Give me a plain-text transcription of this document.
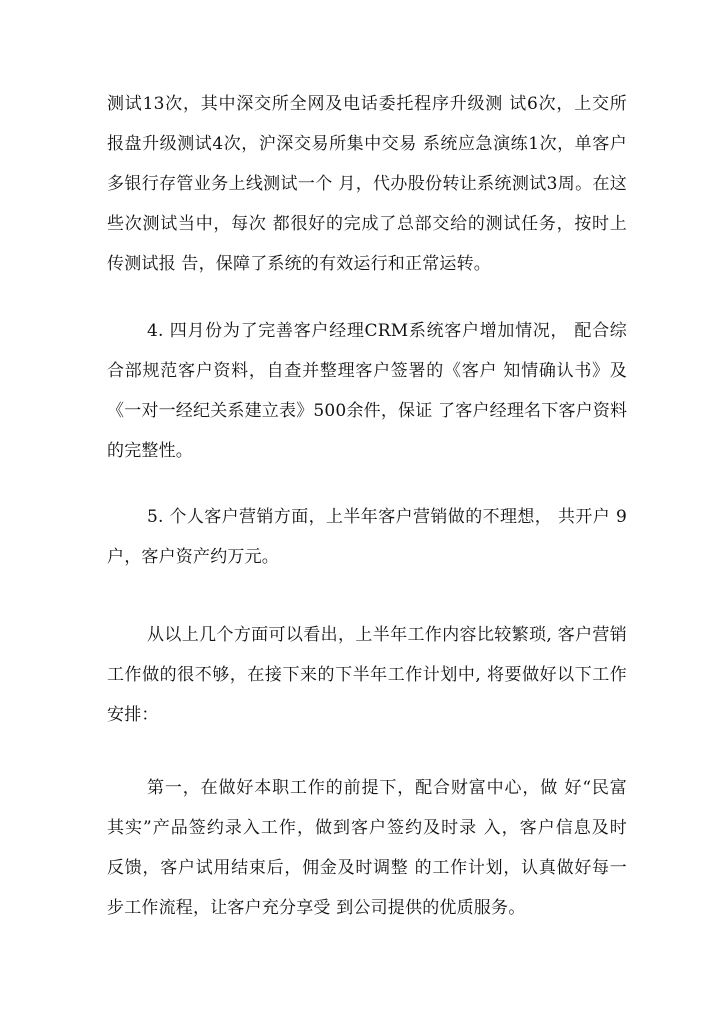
测试13次，其中深交所全网及电话委托程序升级测 试6次，上交所
报盘升级测试4次，沪深交易所集中交易 系统应急演练1次，单客户
多银行存管业务上线测试一个 月，代办股份转让系统测试3周。在这
些次测试当中，每次 都很好的完成了总部交给的测试任务，按时上
传测试报 告，保障了系统的有效运行和正常运转。
4. 四月份为了完善客户经理CRM系统客户增加情况， 配合综
合部规范客户资料，自查并整理客户签署的《客户 知情确认书》及
《一对一经纪关系建立表》500余件，保证 了客户经理名下客户资料
的完整性。
5. 个人客户营销方面，上半年客户营销做的不理想， 共开户 9
户，客户资产约万元。
从以上几个方面可以看出，上半年工作内容比较繁琐, 客户营销
工作做的很不够，在接下来的下半年工作计划中, 将要做好以下工作
安排：
第一，在做好本职工作的前提下，配合财富中心，做 好“民富
其实”产品签约录入工作，做到客户签约及时录 入，客户信息及时
反馈，客户试用结束后，佣金及时调整 的工作计划，认真做好每一
步工作流程，让客户充分享受 到公司提供的优质服务。
